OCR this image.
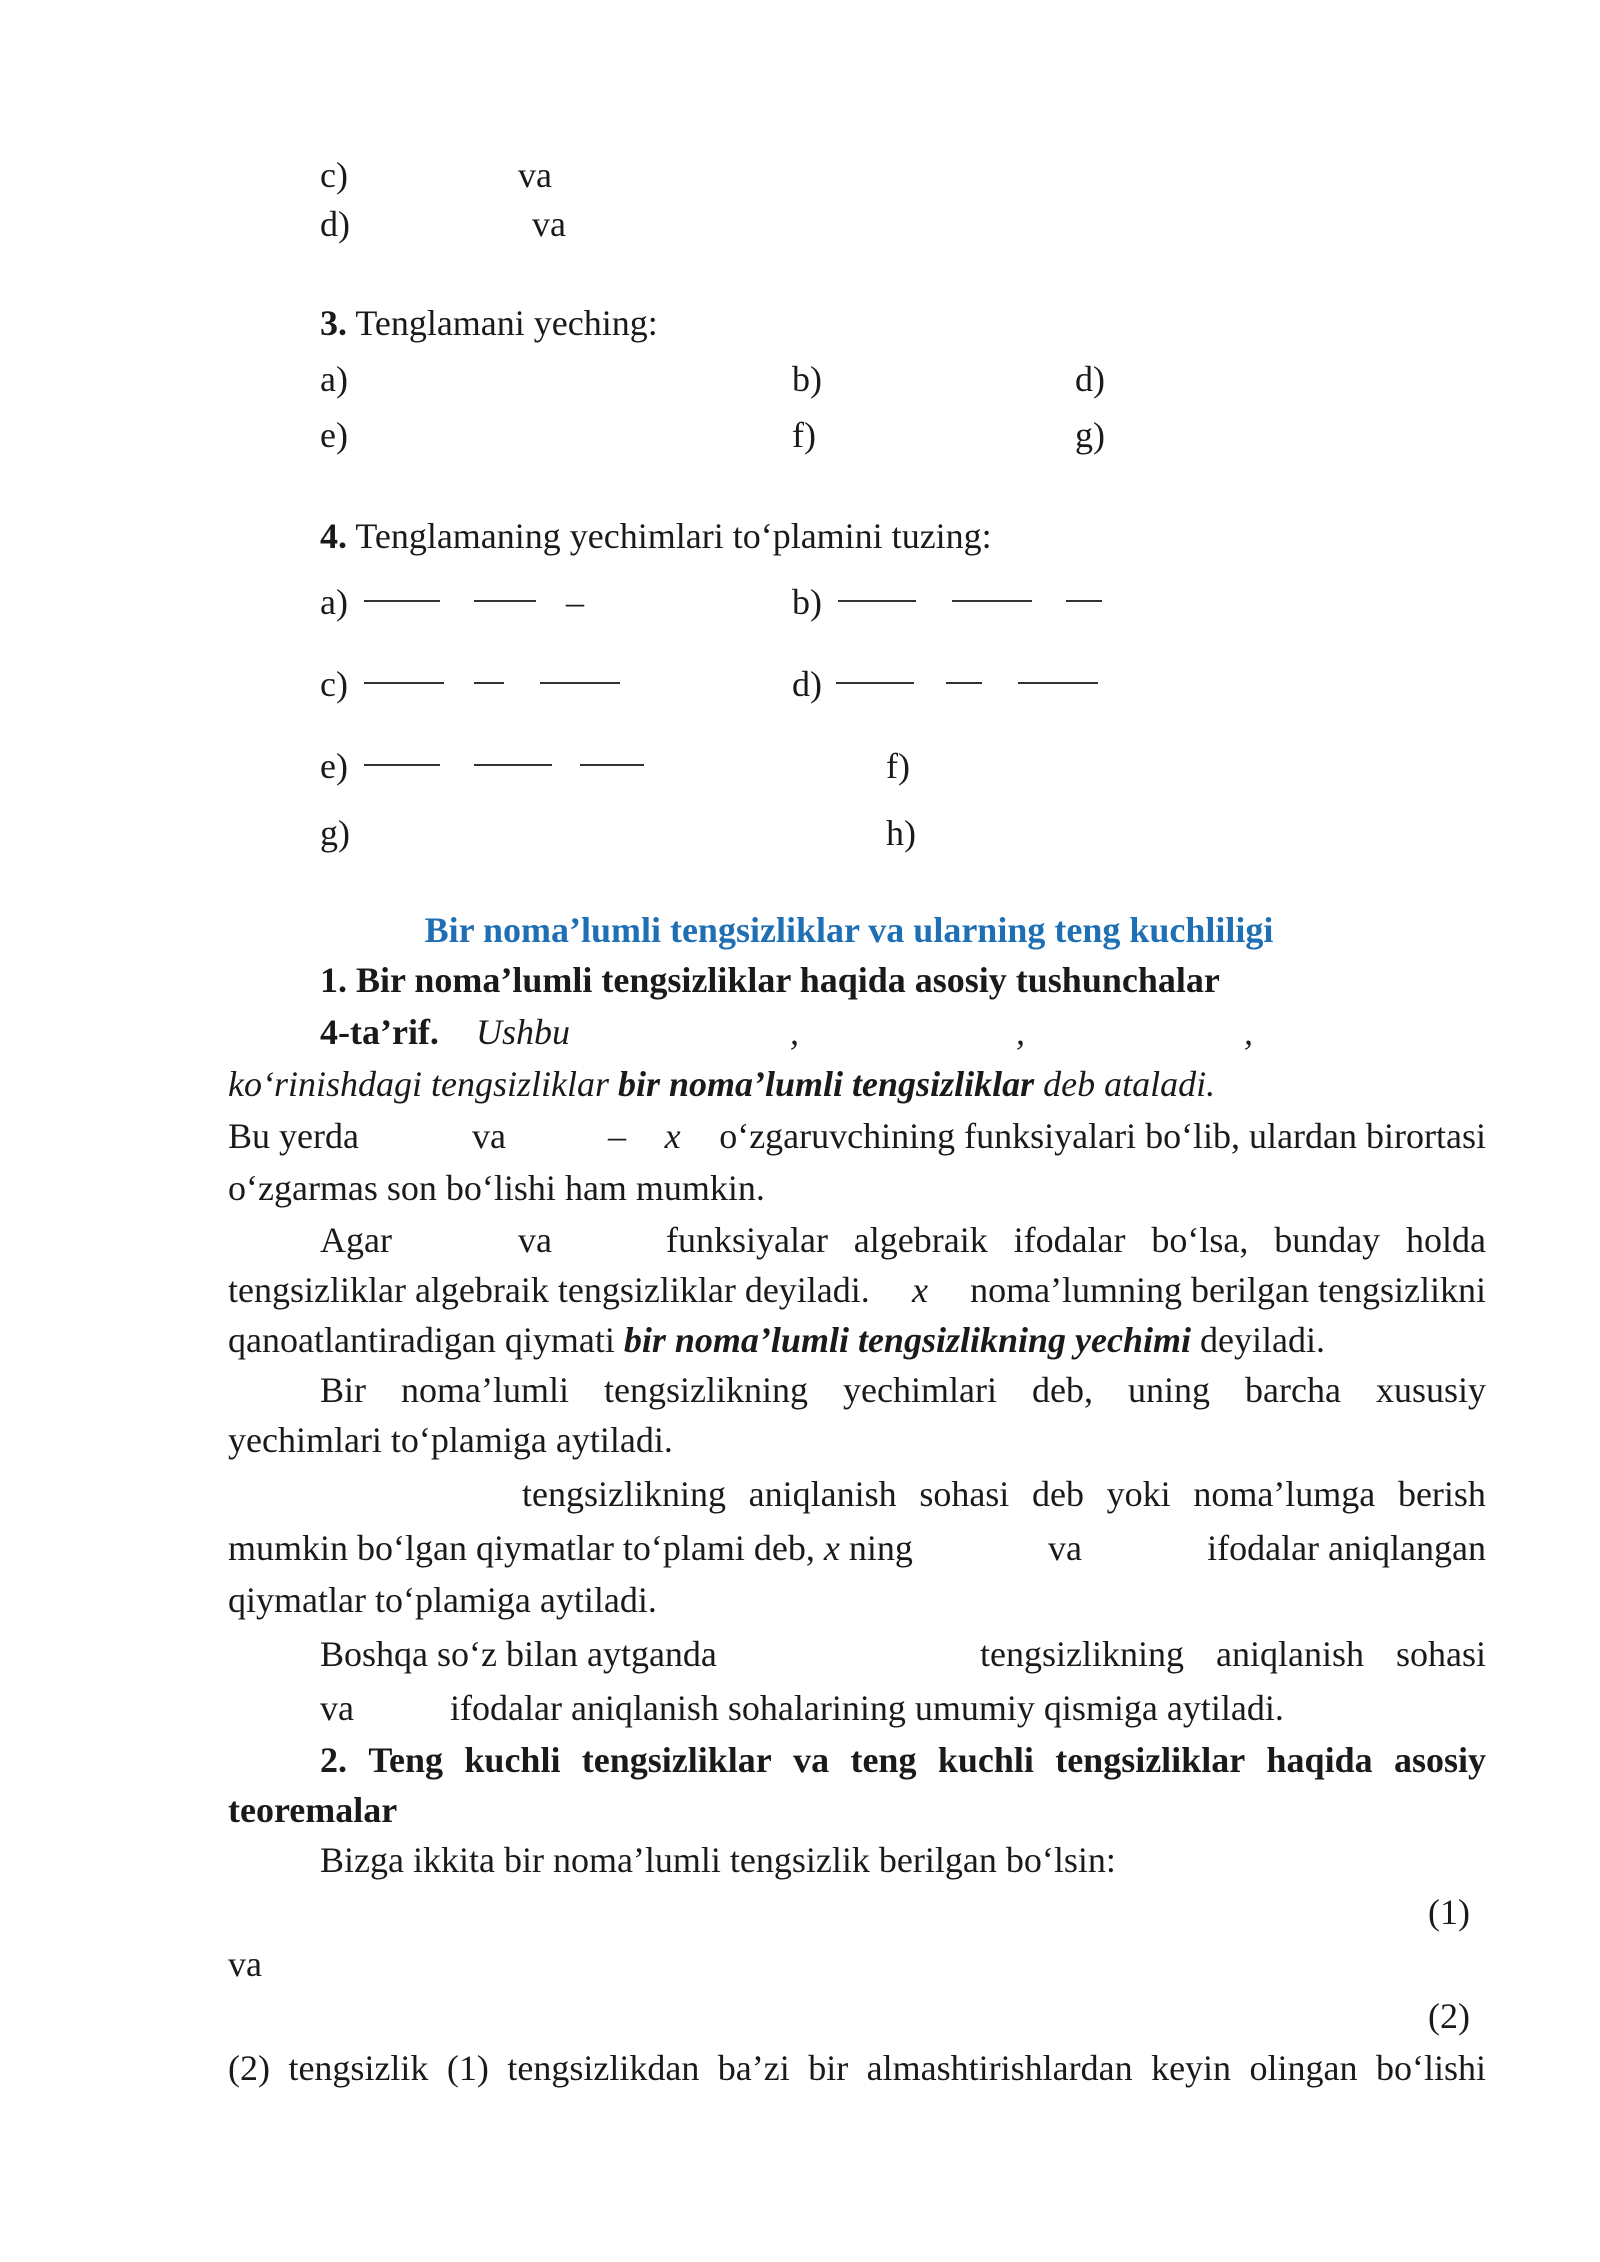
c)	va
d)	va
3. Tenglamani yeching:
a)	b)	d)
e)	f)	g)
4. Tenglamaning yechimlari to‘plamini tuzing:
a)	–	b)
c)	d)
e)	f)
g)	h)
Bir noma’lumli tengsizliklar va ularning teng kuchliligi
1. Bir noma’lumli tengsizliklar haqida asosiy tushunchalar
4-ta’rif. Ushbu	,	,	,
ko‘rinishdagi tengsizliklar bir noma’lumli tengsizliklar deb ataladi.
Bu yerda	va	– x o‘zgaruvchining funksiyalari bo‘lib, ulardan birortasi
o‘zgarmas son bo‘lishi ham mumkin.
Agar	va	funksiyalar algebraik ifodalar bo‘lsa, bunday holda
tengsizliklar algebraik tengsizliklar deyiladi. x noma’lumning berilgan tengsizlikni
qanoatlantiradigan qiymati bir noma’lumli tengsizlikning yechimi deyiladi.
Bir noma’lumli tengsizlikning yechimlari deb, uning barcha xususiy
yechimlari to‘plamiga aytiladi.
tengsizlikning aniqlanish sohasi deb yoki noma’lumga berish
mumkin bo‘lgan qiymatlar to‘plami deb, x ning	va	ifodalar aniqlangan
qiymatlar to‘plamiga aytiladi.
Boshqa so‘z bilan aytganda	tengsizlikning aniqlanish sohasi
va	ifodalar aniqlanish sohalarining umumiy qismiga aytiladi.
2. Teng kuchli tengsizliklar va teng kuchli tengsizliklar haqida asosiy
teoremalar
Bizga ikkita bir noma’lumli tengsizlik berilgan bo‘lsin:
(1)
va
(2)
(2) tengsizlik (1) tengsizlikdan ba’zi bir almashtirishlardan keyin olingan bo‘lishi
